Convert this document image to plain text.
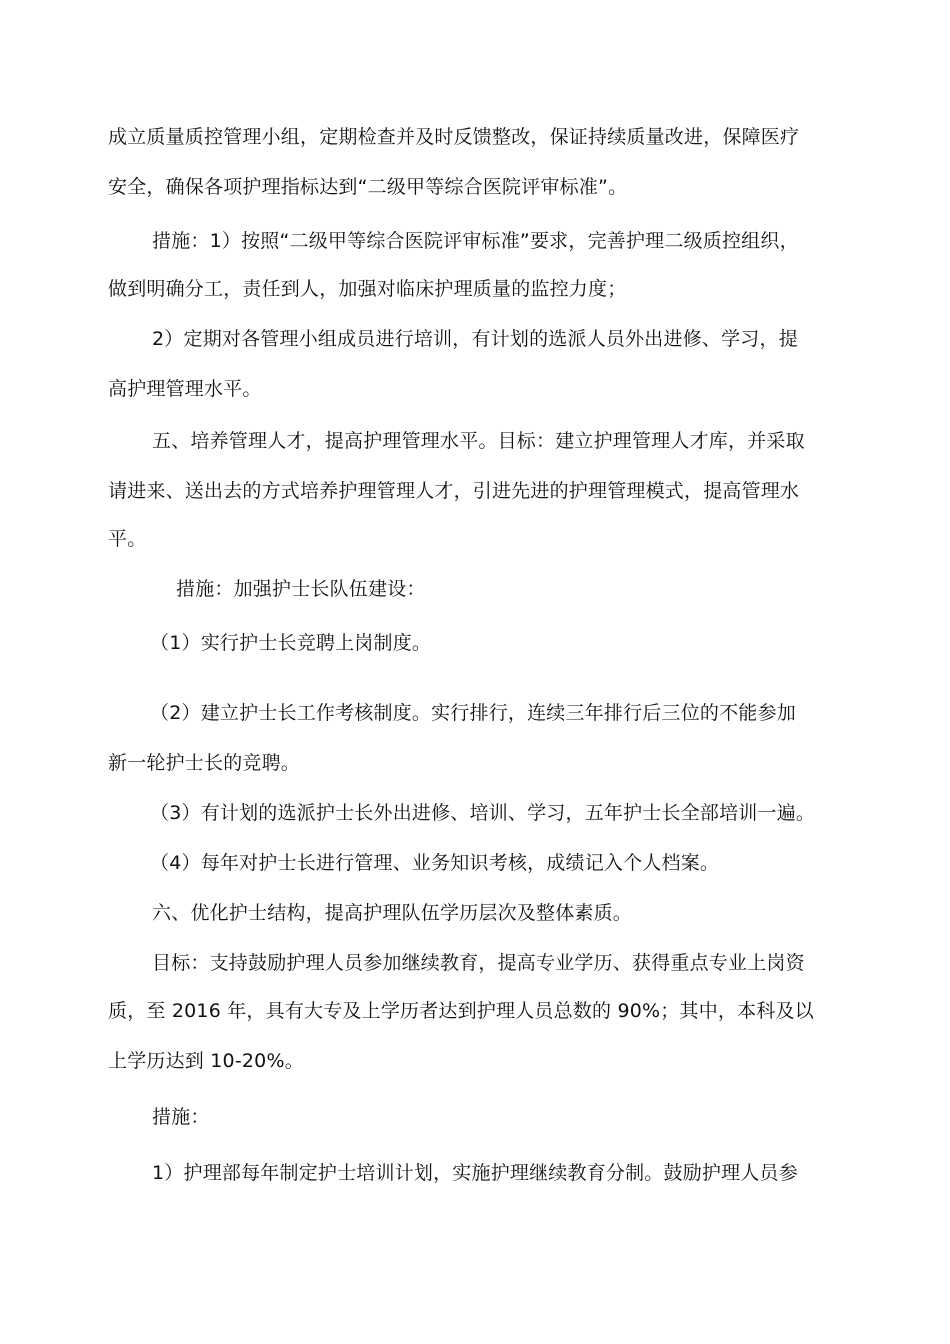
成立质量质控管理小组，定期检查并及时反馈整改，保证持续质量改进，保障医疗
安全，确保各项护理指标达到“二级甲等综合医院评审标准”。
措施：1）按照“二级甲等综合医院评审标准”要求，完善护理二级质控组织，
做到明确分工，责任到人，加强对临床护理质量的监控力度；
2）定期对各管理小组成员进行培训，有计划的选派人员外出进修、学习，提
高护理管理水平。
五、培养管理人才，提高护理管理水平。目标：建立护理管理人才库，并采取
请进来、送出去的方式培养护理管理人才，引进先进的护理管理模式，提高管理水
平。
措施：加强护士长队伍建设：
（1）实行护士长竞聘上岗制度。
（2）建立护士长工作考核制度。实行排行，连续三年排行后三位的不能参加
新一轮护士长的竞聘。
（3）有计划的选派护士长外出进修、培训、学习，五年护士长全部培训一遍。
（4）每年对护士长进行管理、业务知识考核，成绩记入个人档案。
六、优化护士结构，提高护理队伍学历层次及整体素质。
目标：支持鼓励护理人员参加继续教育，提高专业学历、获得重点专业上岗资
质，至 2016 年，具有大专及上学历者达到护理人员总数的 90%；其中，本科及以
上学历达到 10-20%。
措施：
1）护理部每年制定护士培训计划，实施护理继续教育分制。鼓励护理人员参
